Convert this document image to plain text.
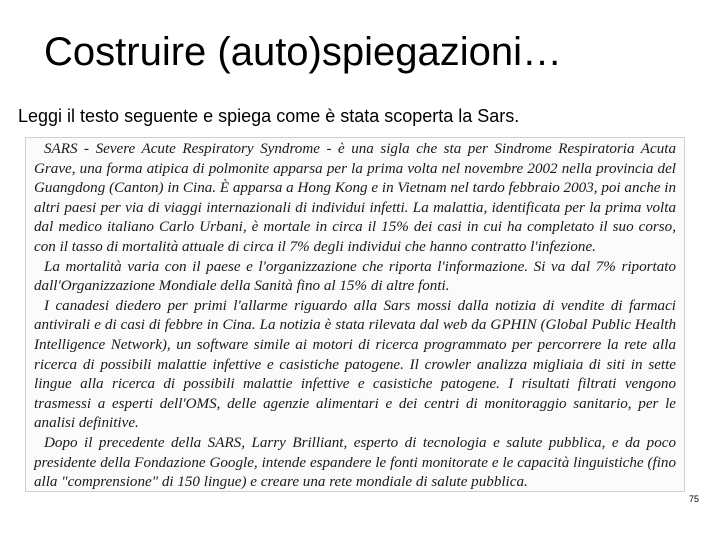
Costruire (auto)spiegazioni…
Leggi il testo seguente e spiega come è stata scoperta la Sars.

SARS - Severe Acute Respiratory Syndrome - è una sigla che sta per Sindrome Respiratoria Acuta Grave, una forma atipica di polmonite apparsa per la prima volta nel novembre 2002 nella provincia del Guangdong (Canton) in Cina. È apparsa a Hong Kong e in Vietnam nel tardo febbraio 2003, poi anche in altri paesi per via di viaggi internazionali di individui infetti. La malattia, identificata per la prima volta dal medico italiano Carlo Urbani, è mortale in circa il 15% dei casi in cui ha completato il suo corso, con il tasso di mortalità attuale di circa il 7% degli individui che hanno contratto l'infezione.

La mortalità varia con il paese e l'organizzazione che riporta l'informazione. Si va dal 7% riportato dall'Organizzazione Mondiale della Sanità fino al 15% di altre fonti.

I canadesi diedero per primi l'allarme riguardo alla Sars mossi dalla notizia di vendite di farmaci antivirali e di casi di febbre in Cina. La notizia è stata rilevata dal web da GPHIN (Global Public Health Intelligence Network), un software simile ai motori di ricerca programmato per percorrere la rete alla ricerca di possibili malattie infettive e casistiche patogene. Il crowler analizza migliaia di siti in sette lingue alla ricerca di possibili malattie infettive e casistiche patogene. I risultati filtrati vengono trasmessi a esperti dell'OMS, delle agenzie alimentari e dei centri di monitoraggio sanitario, per le analisi definitive.

Dopo il precedente della SARS, Larry Brilliant, esperto di tecnologia e salute pubblica, e da poco presidente della Fondazione Google, intende espandere le fonti monitorate e le capacità linguistiche (fino alla "comprensione" di 150 lingue) e creare una rete mondiale di salute pubblica.

75
